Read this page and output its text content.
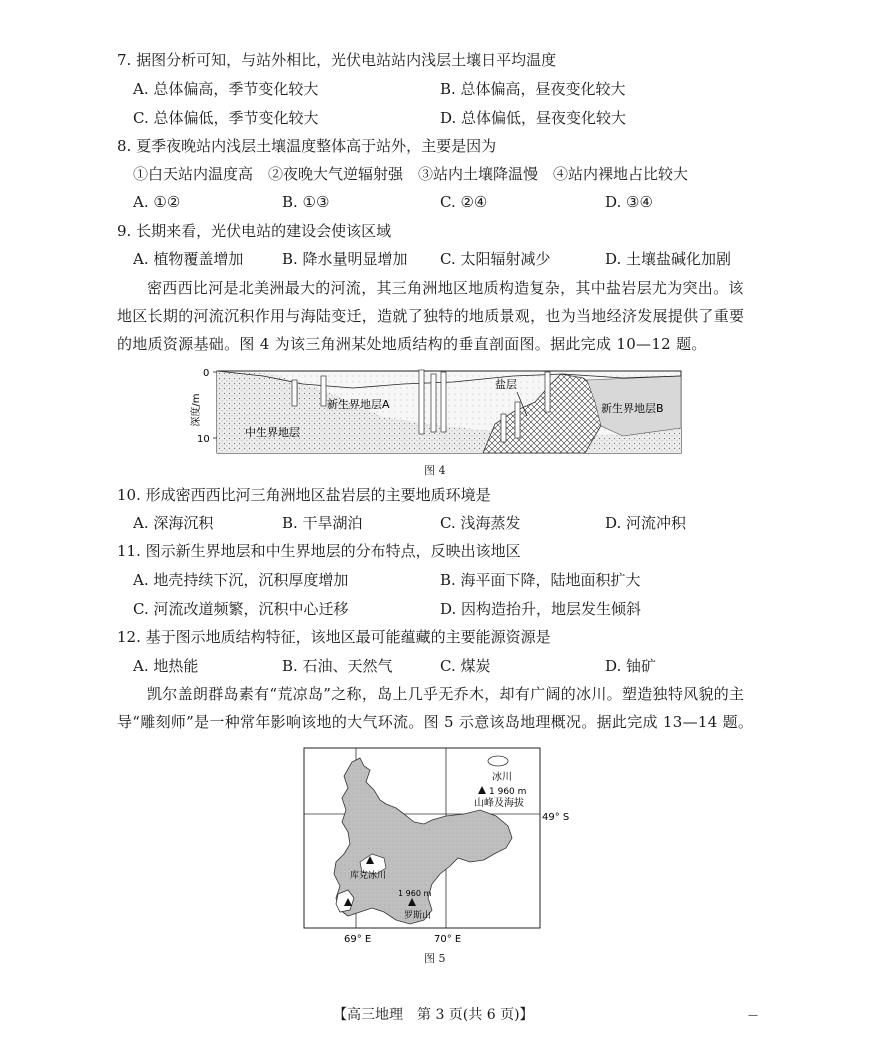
7. 据图分析可知，与站外相比，光伏电站站内浅层土壤日平均温度
A. 总体偏高，季节变化较大	B. 总体偏高，昼夜变化较大
C. 总体偏低，季节变化较大	D. 总体偏低，昼夜变化较大
8. 夏季夜晚站内浅层土壤温度整体高于站外，主要是因为
①白天站内温度高　②夜晚大气逆辐射强　③站内土壤降温慢　④站内裸地占比较大
A. ①②	B. ①③	C. ②④	D. ③④
9. 长期来看，光伏电站的建设会使该区域
A. 植物覆盖增加	B. 降水量明显增加 C. 太阳辐射减少	D. 土壤盐碱化加剧
密西西比河是北美洲最大的河流，其三角洲地区地质构造复杂，其中盐岩层尤为突出。该地区长期的河流沉积作用与海陆变迁，造就了独特的地质景观，也为当地经济发展提供了重要的地质资源基础。图 4 为该三角洲某处地质结构的垂直剖面图。据此完成 10—12 题。
深度/m
0
10
盐层
新生界地层A	新生界地层B
中生界地层
图 4
10. 形成密西西比河三角洲地区盐岩层的主要地质环境是
A. 深海沉积	B. 干旱湖泊	C. 浅海蒸发	D. 河流冲积
11. 图示新生界地层和中生界地层的分布特点，反映出该地区
A. 地壳持续下沉，沉积厚度增加	B. 海平面下降，陆地面积扩大
C. 河流改道频繁，沉积中心迁移	D. 因构造抬升，地层发生倾斜
12. 基于图示地质结构特征，该地区最可能蕴藏的主要能源资源是
A. 地热能	B. 石油、天然气	C. 煤炭	D. 铀矿
凯尔盖朗群岛素有“荒凉岛”之称，岛上几乎无乔木，却有广阔的冰川。塑造独特风貌的主导“雕刻师”是一种常年影响该地的大气环流。图 5 示意该岛地理概况。据此完成 13—14 题。
冰川
1 960 m
山峰及海拔
49° S
库克冰川
1 960 m
罗斯山
69° E	70° E
图 5
【高三地理　第 3 页(共 6 页)】	—
